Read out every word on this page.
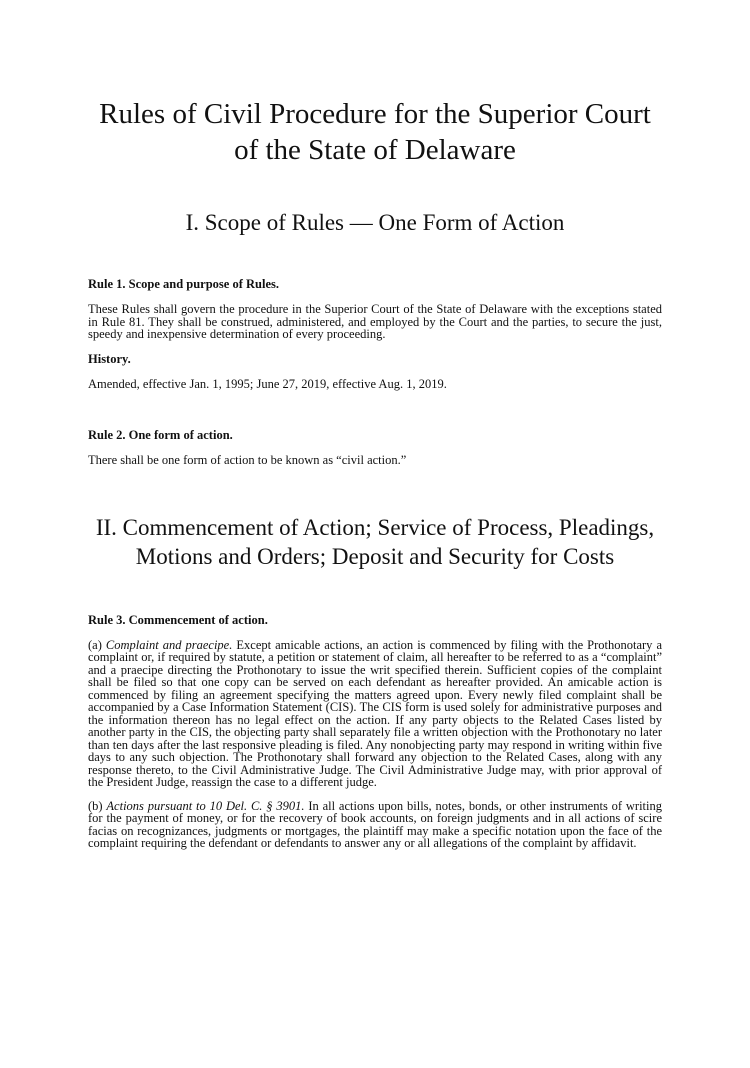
Rules of Civil Procedure for the Superior Court of the State of Delaware
I. Scope of Rules — One Form of Action

Rule 1. Scope and purpose of Rules.

These Rules shall govern the procedure in the Superior Court of the State of Delaware with the exceptions stated in Rule 81. They shall be construed, administered, and employed by the Court and the parties, to secure the just, speedy and inexpensive determination of every proceeding.

History.

Amended, effective Jan. 1, 1995; June 27, 2019, effective Aug. 1, 2019.

Rule 2. One form of action.

There shall be one form of action to be known as “civil action.”

II. Commencement of Action; Service of Process, Pleadings, Motions and Orders; Deposit and Security for Costs

Rule 3. Commencement of action.

(a) Complaint and praecipe. Except amicable actions, an action is commenced by filing with the Prothonotary a complaint or, if required by statute, a petition or statement of claim, all hereafter to be referred to as a “complaint” and a praecipe directing the Prothonotary to issue the writ specified therein. Sufficient copies of the complaint shall be filed so that one copy can be served on each defendant as hereafter provided. An amicable action is commenced by filing an agreement specifying the matters agreed upon. Every newly filed complaint shall be accompanied by a Case Information Statement (CIS). The CIS form is used solely for administrative purposes and the information thereon has no legal effect on the action. If any party objects to the Related Cases listed by another party in the CIS, the objecting party shall separately file a written objection with the Prothonotary no later than ten days after the last responsive pleading is filed. Any nonobjecting party may respond in writing within five days to any such objection. The Prothonotary shall forward any objection to the Related Cases, along with any response thereto, to the Civil Administrative Judge. The Civil Administrative Judge may, with prior approval of the President Judge, reassign the case to a different judge.

(b) Actions pursuant to 10 Del. C. § 3901. In all actions upon bills, notes, bonds, or other instruments of writing for the payment of money, or for the recovery of book accounts, on foreign judgments and in all actions of scire facias on recognizances, judgments or mortgages, the plaintiff may make a specific notation upon the face of the complaint requiring the defendant or defendants to answer any or all allegations of the complaint by affidavit.
